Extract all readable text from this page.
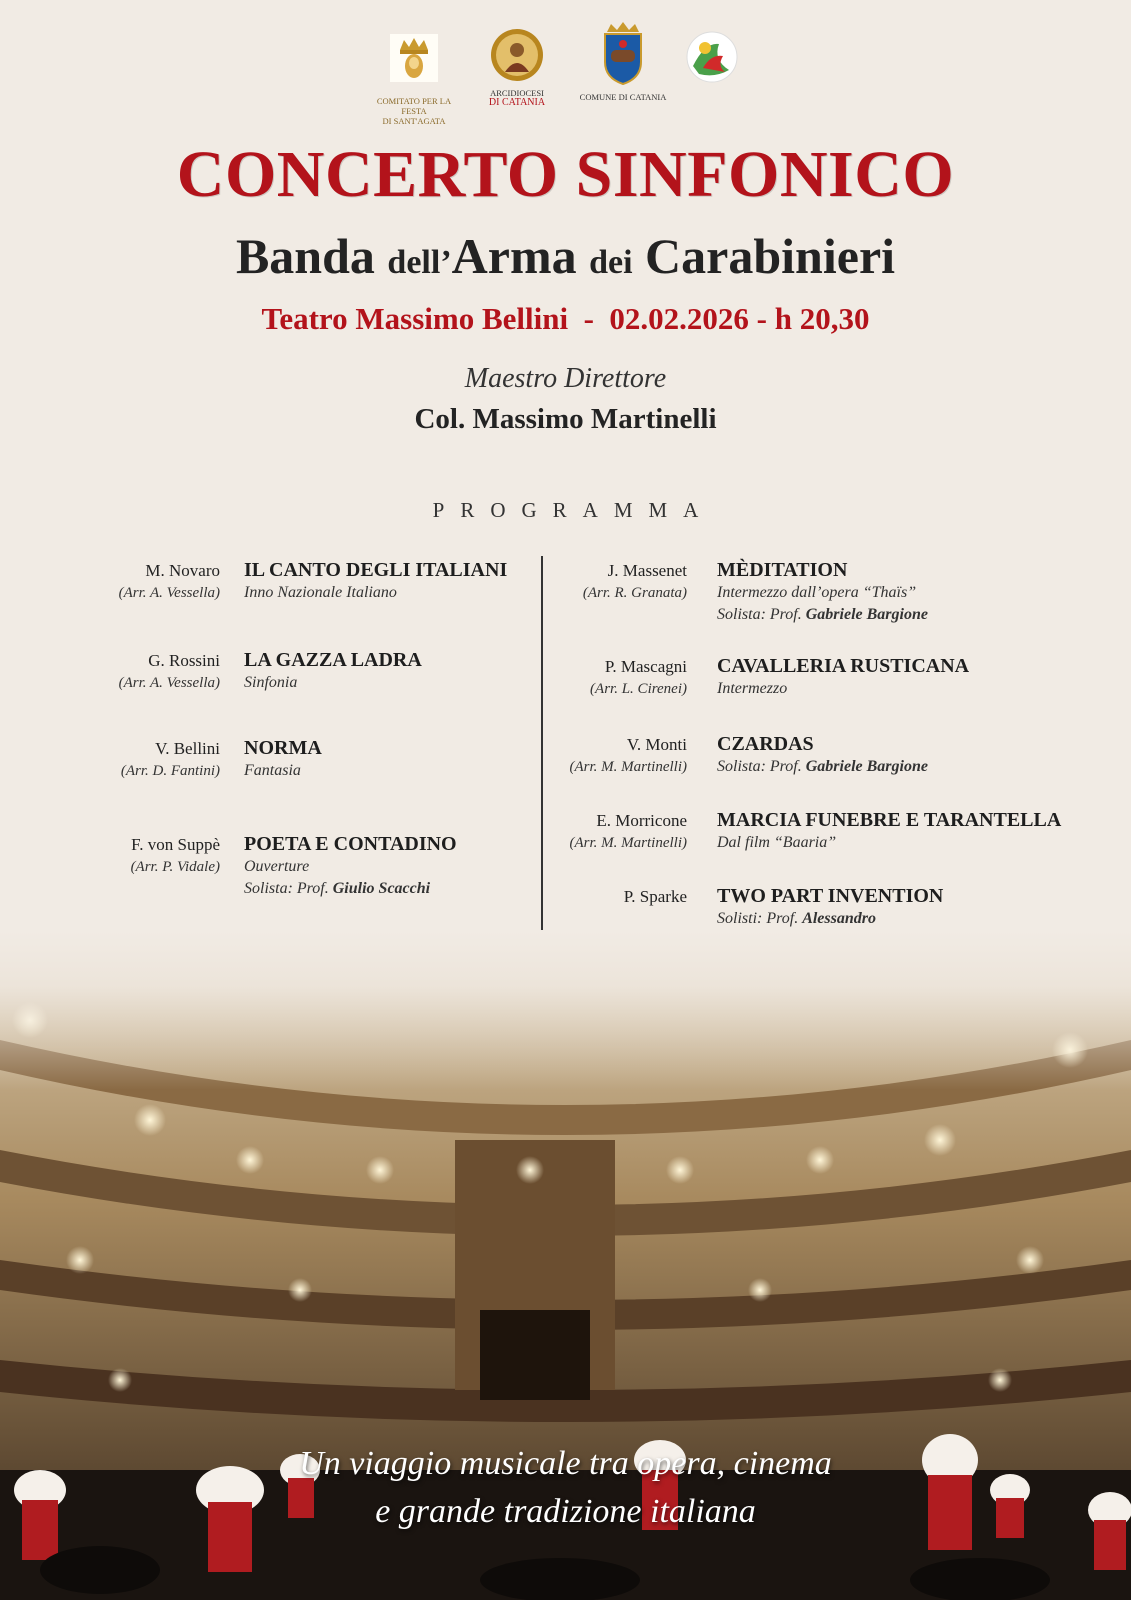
COMITATO PER LA FESTA
DI SANT'AGATA
ARCIDIOCESI
DI CATANIA	COMUNE DI CATANIA
CONCERTO SINFONICO
Banda dell’Arma dei Carabinieri
Teatro Massimo Bellini  -  02.02.2026 - h 20,30
Maestro Direttore
Col. Massimo Martinelli
PROGRAMMA
M. Novaro
(Arr. A. Vessella)
IL CANTO DEGLI ITALIANI
Inno Nazionale Italiano
G. Rossini
(Arr. A. Vessella)
LA GAZZA LADRA
Sinfonia
V. Bellini
(Arr. D. Fantini)
NORMA
Fantasia
F. von Suppè
(Arr. P. Vidale)
POETA E CONTADINO
Ouverture
Solista: Prof. Giulio Scacchi
J. Massenet
(Arr. R. Granata)
MÈDITATION
Intermezzo dall’opera “Thaïs”
Solista: Prof. Gabriele Bargione
P. Mascagni
(Arr. L. Cirenei)
CAVALLERIA RUSTICANA
Intermezzo
V. Monti
(Arr. M. Martinelli)
CZARDAS
Solista: Prof. Gabriele Bargione
E. Morricone
(Arr. M. Martinelli)
MARCIA FUNEBRE E TARANTELLA
Dal film “Baaria”
P. Sparke TWO PART INVENTION
Solisti: Prof. Alessandro
Un viaggio musicale tra opera, cinema
e grande tradizione italiana
